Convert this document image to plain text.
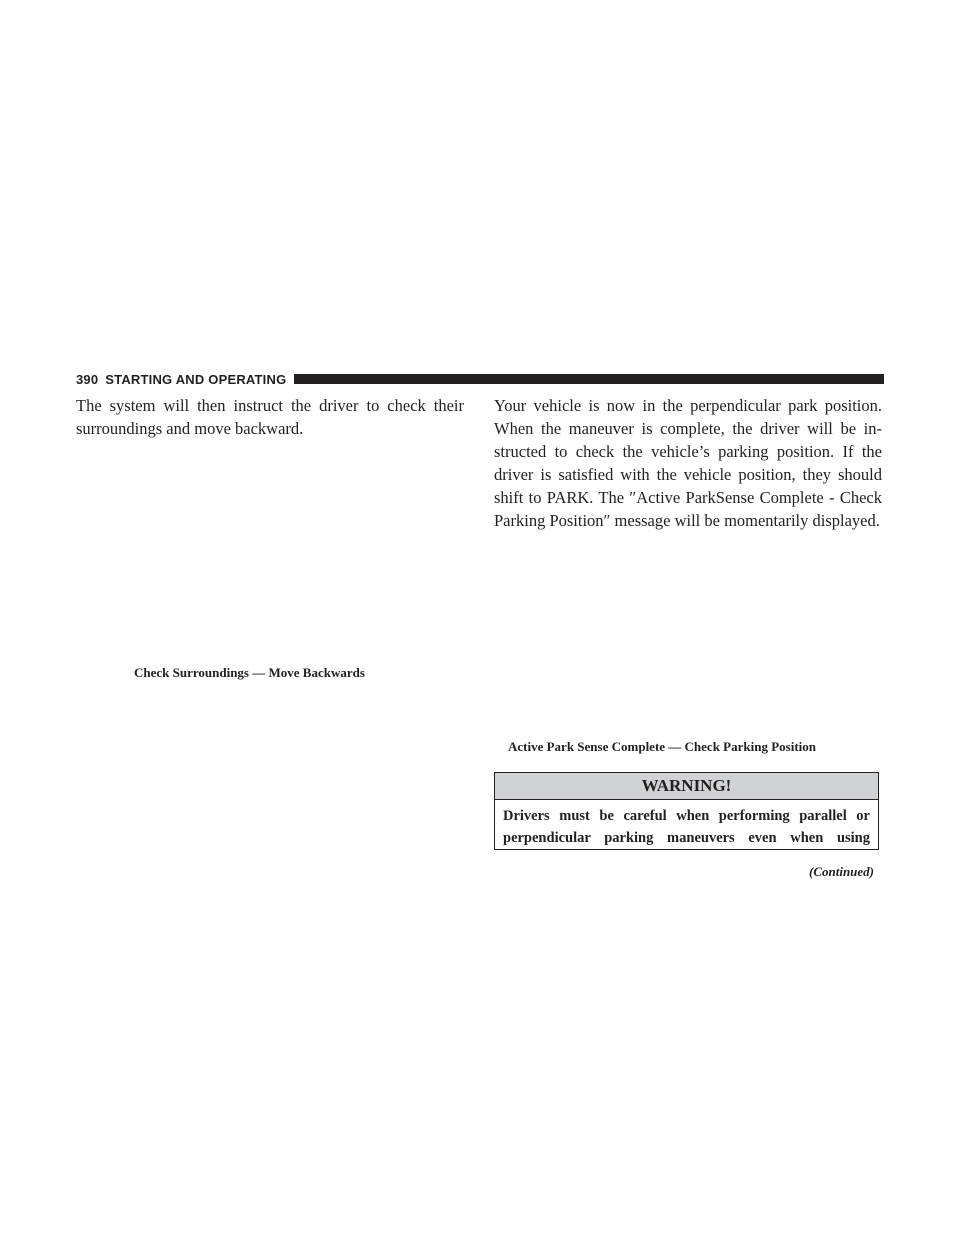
390 STARTING AND OPERATING

The system will then instruct the driver to check their surroundings and move backward.

Check Surroundings — Move Backwards

Your vehicle is now in the perpendicular park position. When the maneuver is complete, the driver will be in- structed to check the vehicle’s parking position. If the driver is satisfied with the vehicle position, they should shift to PARK. The ″Active ParkSense Complete - Check Parking Position″ message will be momentarily displayed.

Active Park Sense Complete — Check Parking Position
WARNING!

Drivers must be careful when performing parallel or perpendicular parking maneuvers even when using

(Continued)
